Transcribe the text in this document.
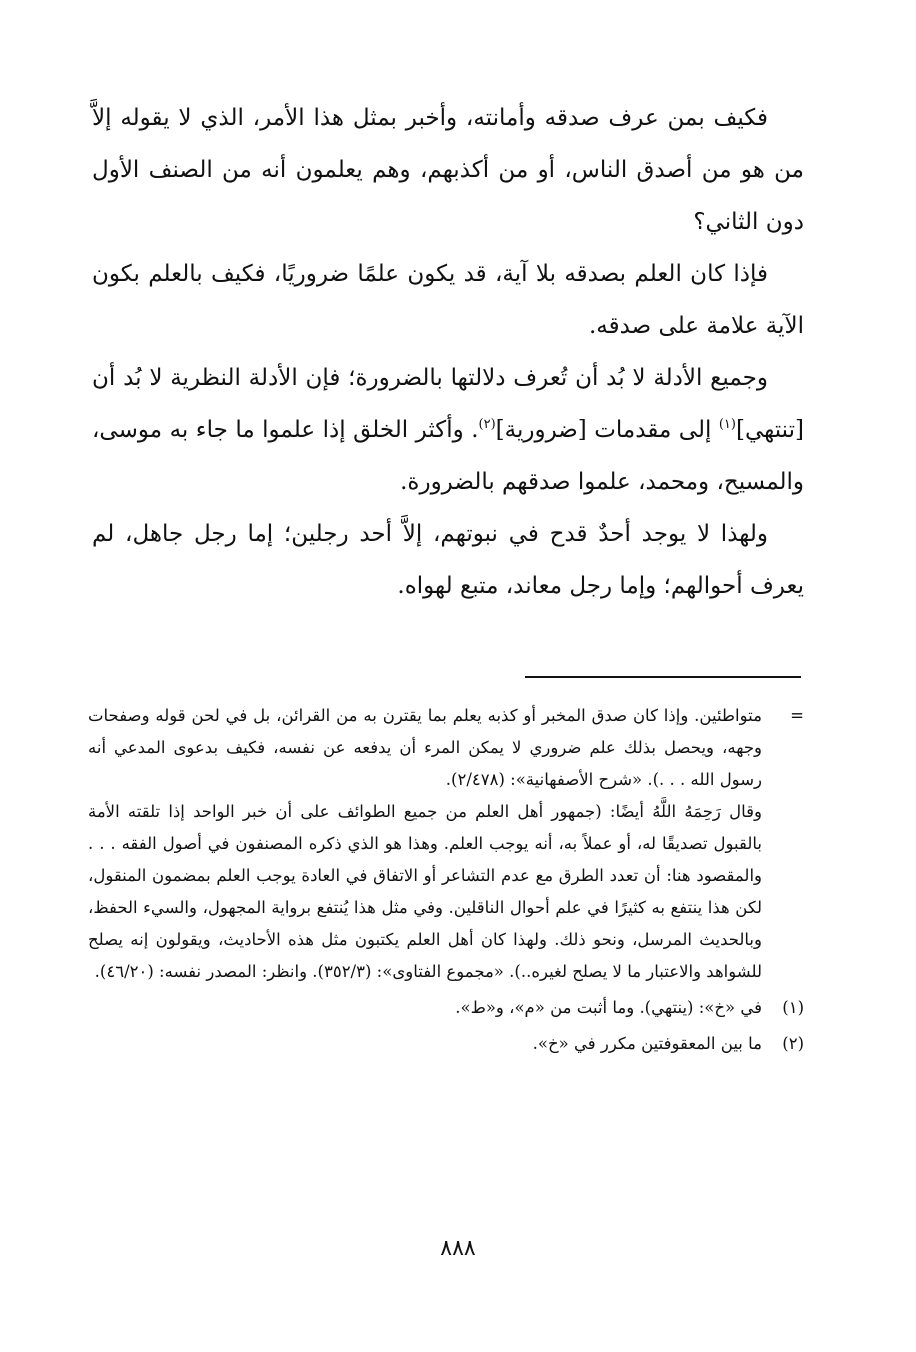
فكيف بمن عرف صدقه وأمانته، وأخبر بمثل هذا الأمر، الذي لا يقوله إلاَّ من هو من أصدق الناس، أو من أكذبهم، وهم يعلمون أنه من الصنف الأول دون الثاني؟

فإذا كان العلم بصدقه بلا آية، قد يكون علمًا ضروريًا، فكيف بالعلم بكون الآية علامة على صدقه.

وجميع الأدلة لا بُد أن تُعرف دلالتها بالضرورة؛ فإن الأدلة النظرية لا بُد أن [تنتهي]$^{(١)}$ إلى مقدمات [ضرورية]$^{(٢)}$. وأكثر الخلق إذا علموا ما جاء به موسى، والمسيح، ومحمد، علموا صدقهم بالضرورة.

ولهذا لا يوجد أحدٌ قدح في نبوتهم، إلاَّ أحد رجلين؛ إما رجل جاهل، لم يعرف أحوالهم؛ وإما رجل معاند، متبع لهواه.

=

متواطئين. وإذا كان صدق المخبر أو كذبه يعلم بما يقترن به من القرائن، بل في لحن قوله وصفحات وجهه، ويحصل بذلك علم ضروري لا يمكن المرء أن يدفعه عن نفسه، فكيف بدعوى المدعي أنه رسول الله . . .). «شرح الأصفهانية»: (٢/٤٧٨).

وقال رَحِمَهُ اللَّهُ أيضًا: (جمهور أهل العلم من جميع الطوائف على أن خبر الواحد إذا تلقته الأمة بالقبول تصديقًا له، أو عملاً به، أنه يوجب العلم. وهذا هو الذي ذكره المصنفون في أصول الفقه . . . والمقصود هنا: أن تعدد الطرق مع عدم التشاعر أو الاتفاق في العادة يوجب العلم بمضمون المنقول، لكن هذا ينتفع به كثيرًا في علم أحوال الناقلين. وفي مثل هذا يُنتفع برواية المجهول، والسيء الحفظ، وبالحديث المرسل، ونحو ذلك. ولهذا كان أهل العلم يكتبون مثل هذه الأحاديث، ويقولون إنه يصلح للشواهد والاعتبار ما لا يصلح لغيره..). «مجموع الفتاوى»: (٣٥٢/٣). وانظر: المصدر نفسه: (٤٦/٢٠).

(١)
في «خ»: (ينتهي). وما أثبت من «م»، و«ط».
(٢)
ما بين المعقوفتين مكرر في «خ».
٨٨٨
